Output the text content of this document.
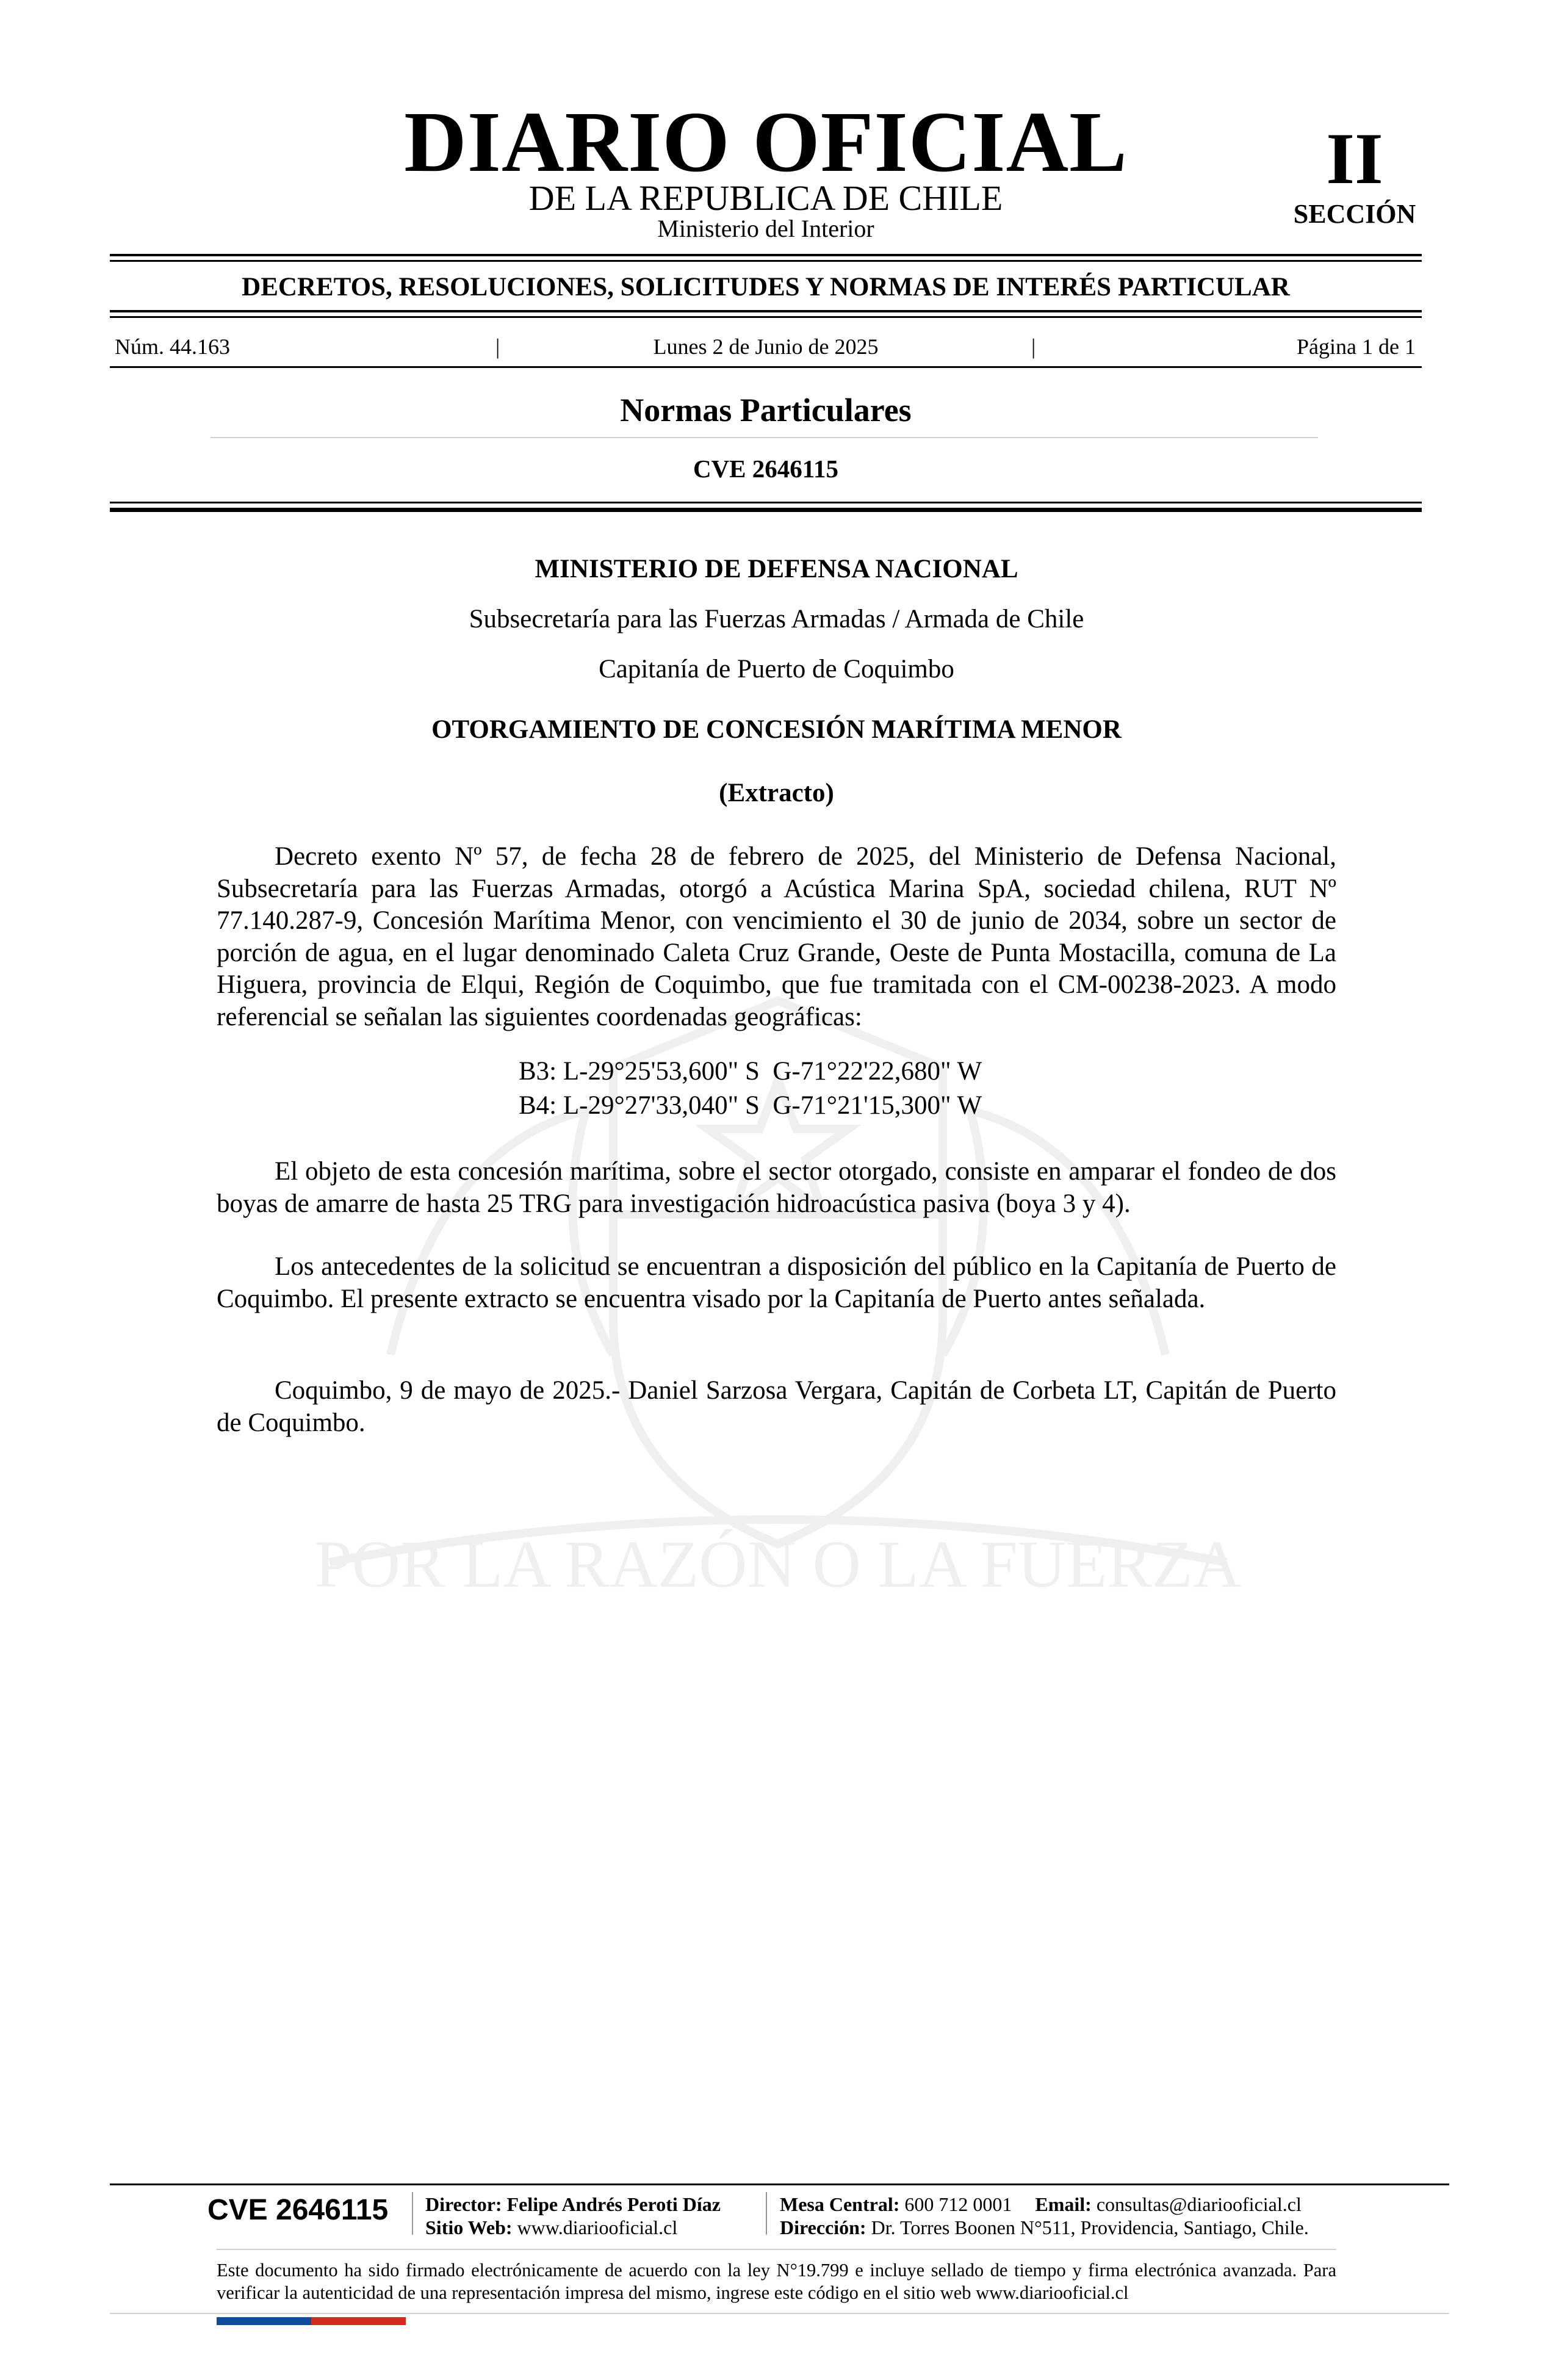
POR LA RAZÓN O LA FUERZA
DIARIO OFICIAL
DE LA REPUBLICA DE CHILE
Ministerio del Interior
II
SECCIÓN
DECRETOS, RESOLUCIONES, SOLICITUDES Y NORMAS DE INTERÉS PARTICULAR
Núm. 44.163	|	Lunes 2 de Junio de 2025	|	Página 1 de 1
Normas Particulares
CVE 2646115
MINISTERIO DE DEFENSA NACIONAL
Subsecretaría para las Fuerzas Armadas / Armada de Chile
Capitanía de Puerto de Coquimbo
OTORGAMIENTO DE CONCESIÓN MARÍTIMA MENOR
(Extracto)
Decreto exento Nº 57, de fecha 28 de febrero de 2025, del Ministerio de Defensa Nacional, Subsecretaría para las Fuerzas Armadas, otorgó a Acústica Marina SpA, sociedad chilena, RUT Nº 77.140.287-9, Concesión Marítima Menor, con vencimiento el 30 de junio de 2034, sobre un sector de porción de agua, en el lugar denominado Caleta Cruz Grande, Oeste de Punta Mostacilla, comuna de La Higuera, provincia de Elqui, Región de Coquimbo, que fue tramitada con el CM-00238-2023. A modo referencial se señalan las siguientes coordenadas geográficas:
B3: L-29°25'53,600" S  G-71°22'22,680" W
B4: L-29°27'33,040" S  G-71°21'15,300" W
El objeto de esta concesión marítima, sobre el sector otorgado, consiste en amparar el fondeo de dos boyas de amarre de hasta 25 TRG para investigación hidroacústica pasiva (boya 3 y 4).
Los antecedentes de la solicitud se encuentran a disposición del público en la Capitanía de Puerto de Coquimbo. El presente extracto se encuentra visado por la Capitanía de Puerto antes señalada.
Coquimbo, 9 de mayo de 2025.- Daniel Sarzosa Vergara, Capitán de Corbeta LT, Capitán de Puerto de Coquimbo.
CVE 2646115 Director: Felipe Andrés Peroti Díaz
Sitio Web: www.diariooficial.cl
Mesa Central: 600 712 0001 Email: consultas@diariooficial.cl
Dirección: Dr. Torres Boonen N°511, Providencia, Santiago, Chile.
Este documento ha sido firmado electrónicamente de acuerdo con la ley N°19.799 e incluye sellado de tiempo y firma electrónica avanzada. Para verificar la autenticidad de una representación impresa del mismo, ingrese este código en el sitio web www.diariooficial.cl
